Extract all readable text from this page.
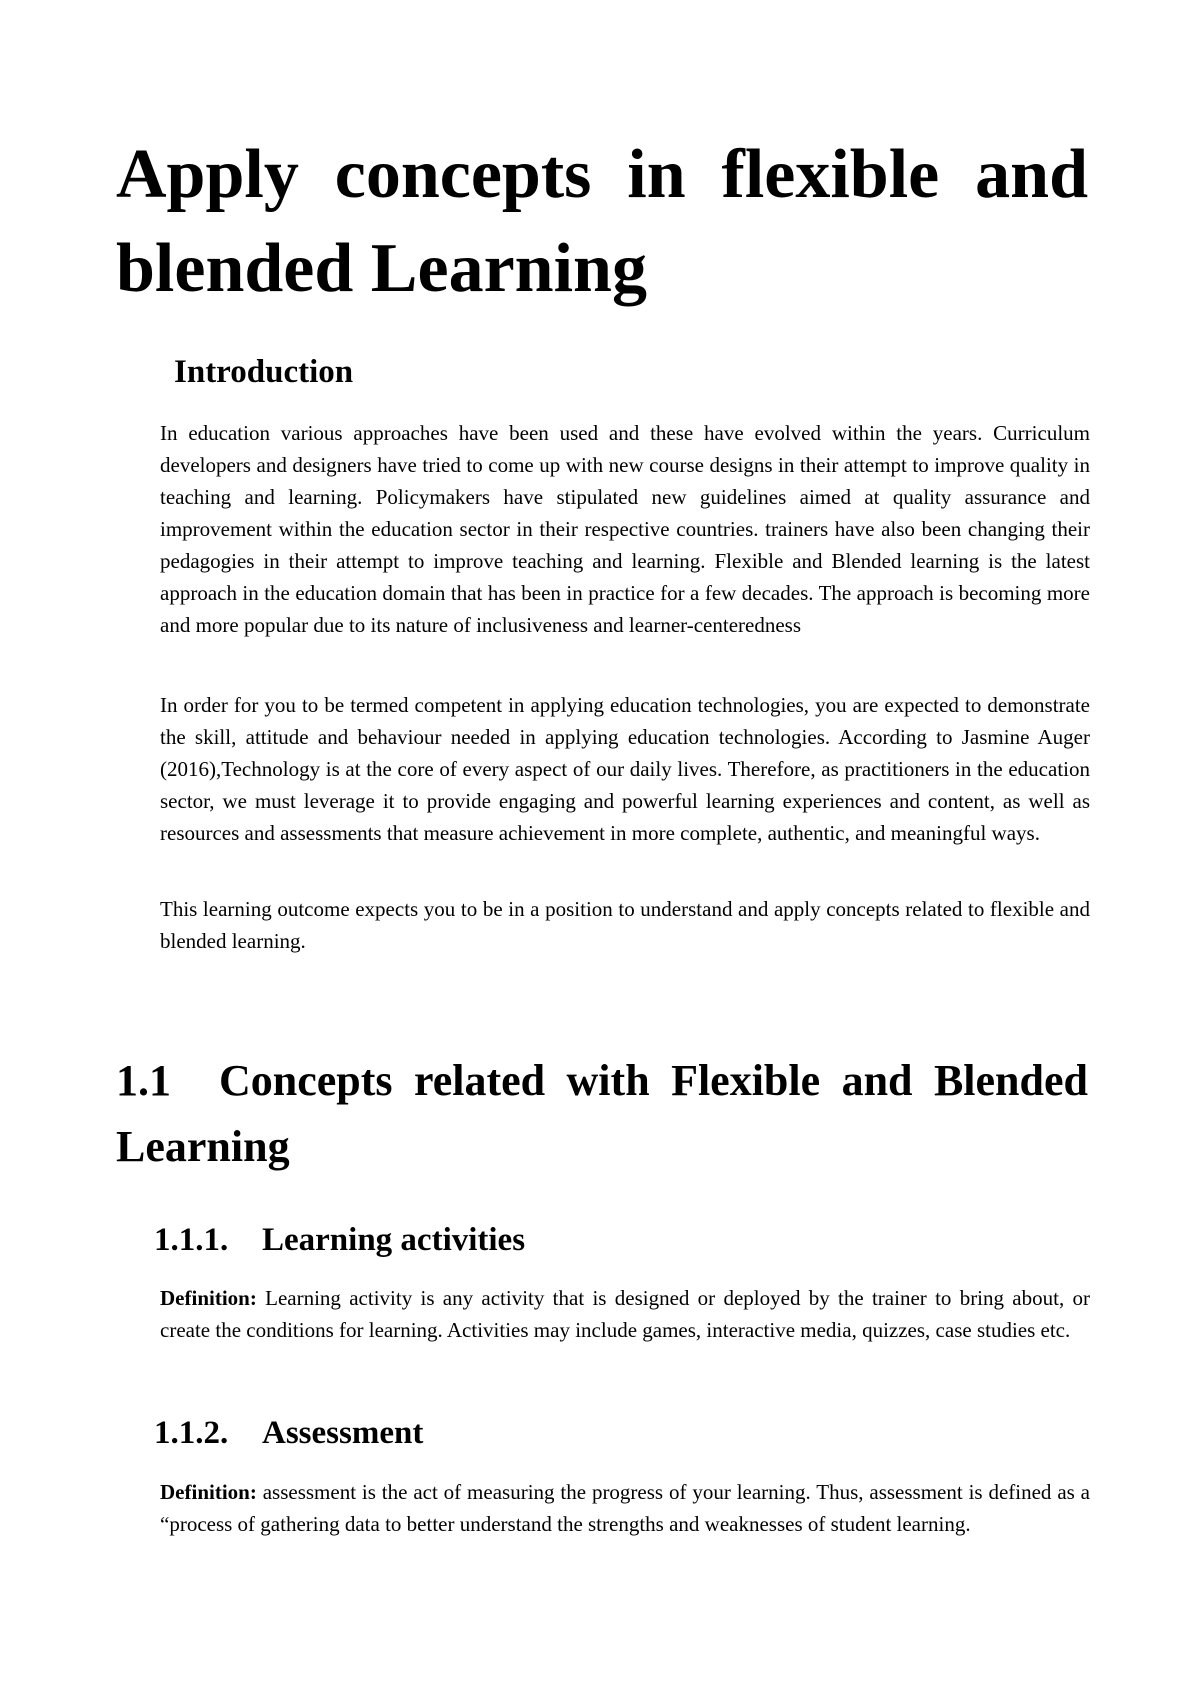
Apply concepts in flexible and blended Learning
Introduction

In education various approaches have been used and these have evolved within the years. Curriculum developers and designers have tried to come up with new course designs in their attempt to improve quality in teaching and learning. Policymakers have stipulated new guidelines aimed at quality assurance and improvement within the education sector in their respective countries. trainers have also been changing their pedagogies in their attempt to improve teaching and learning. Flexible and Blended learning is the latest approach in the education domain that has been in practice for a few decades. The approach is becoming more and more popular due to its nature of inclusiveness and learner-centeredness

In order for you to be termed competent in applying education technologies, you are expected to demonstrate the skill, attitude and behaviour needed in applying education technologies. According to Jasmine Auger (2016),Technology is at the core of every aspect of our daily lives. Therefore, as practitioners in the education sector, we must leverage it to provide engaging and powerful learning experiences and content, as well as resources and assessments that measure achievement in more complete, authentic, and meaningful ways.

This learning outcome expects you to be in a position to understand and apply concepts related to flexible and blended learning.

1.1 Concepts related with Flexible and Blended Learning
1.1.1. Learning activities

Definition: Learning activity is any activity that is designed or deployed by the trainer to bring about, or create the conditions for learning. Activities may include games, interactive media, quizzes, case studies etc.

1.1.2. Assessment

Definition: assessment is the act of measuring the progress of your learning. Thus, assessment is defined as a “process of gathering data to better understand the strengths and weaknesses of student learning.
